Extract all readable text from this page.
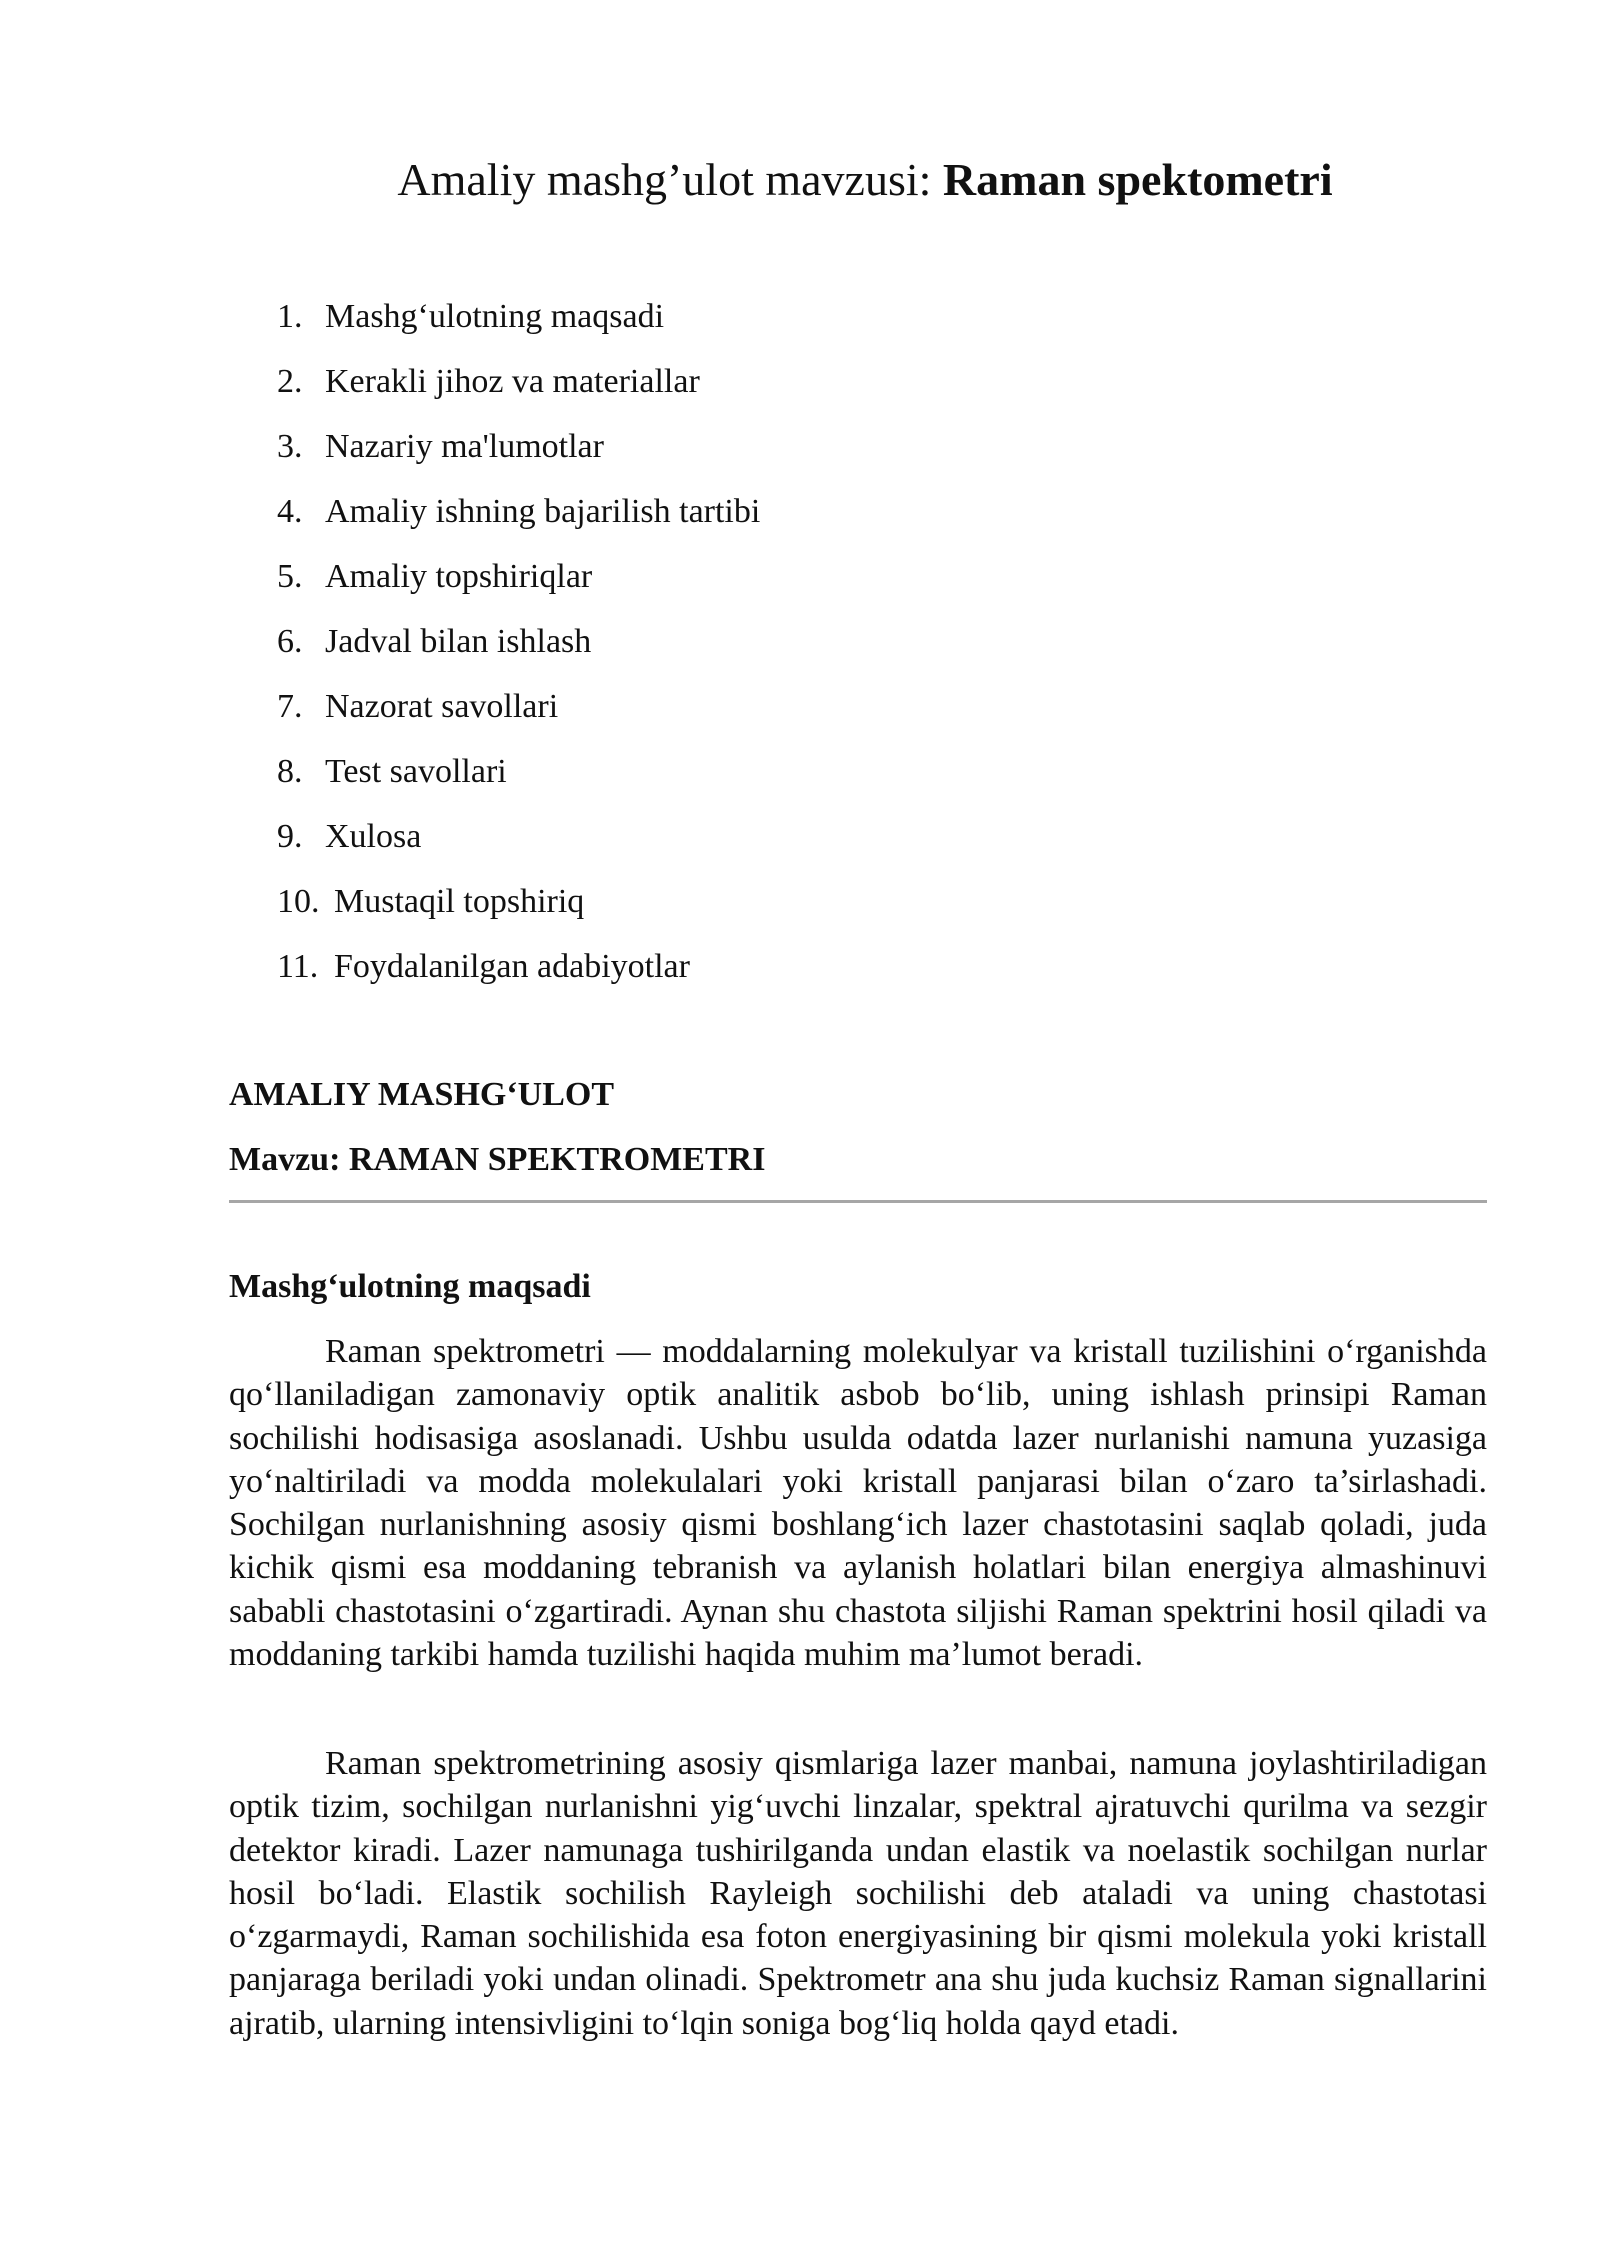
Amaliy mashg’ulot mavzusi: Raman spektometri
1. Mashg‘ulotning maqsadi
2. Kerakli jihoz va materiallar
3. Nazariy ma'lumotlar
4. Amaliy ishning bajarilish tartibi
5. Amaliy topshiriqlar
6. Jadval bilan ishlash
7. Nazorat savollari
8. Test savollari
9. Xulosa
10. Mustaqil topshiriq
11. Foydalanilgan adabiyotlar
AMALIY MASHG‘ULOT
Mavzu: RAMAN SPEKTROMETRI
Mashg‘ulotning maqsadi

Raman spektrometri — moddalarning molekulyar va kristall tuzilishini o‘rganishda qo‘llaniladigan zamonaviy optik analitik asbob bo‘lib, uning ishlash prinsipi Raman sochilishi hodisasiga asoslanadi. Ushbu usulda odatda lazer nurlanishi namuna yuzasiga yo‘naltiriladi va modda molekulalari yoki kristall panjarasi bilan o‘zaro ta’sirlashadi. Sochilgan nurlanishning asosiy qismi boshlang‘ich lazer chastotasini saqlab qoladi, juda kichik qismi esa moddaning tebranish va aylanish holatlari bilan energiya almashinuvi sababli chastotasini o‘zgartiradi. Aynan shu chastota siljishi Raman spektrini hosil qiladi va moddaning tarkibi hamda tuzilishi haqida muhim ma’lumot beradi.

Raman spektrometrining asosiy qismlariga lazer manbai, namuna joylashtiriladigan optik tizim, sochilgan nurlanishni yig‘uvchi linzalar, spektral ajratuvchi qurilma va sezgir detektor kiradi. Lazer namunaga tushirilganda undan elastik va noelastik sochilgan nurlar hosil bo‘ladi. Elastik sochilish Rayleigh sochilishi deb ataladi va uning chastotasi o‘zgarmaydi, Raman sochilishida esa foton energiyasining bir qismi molekula yoki kristall panjaraga beriladi yoki undan olinadi. Spektrometr ana shu juda kuchsiz Raman signallarini ajratib, ularning intensivligini to‘lqin soniga bog‘liq holda qayd etadi.
